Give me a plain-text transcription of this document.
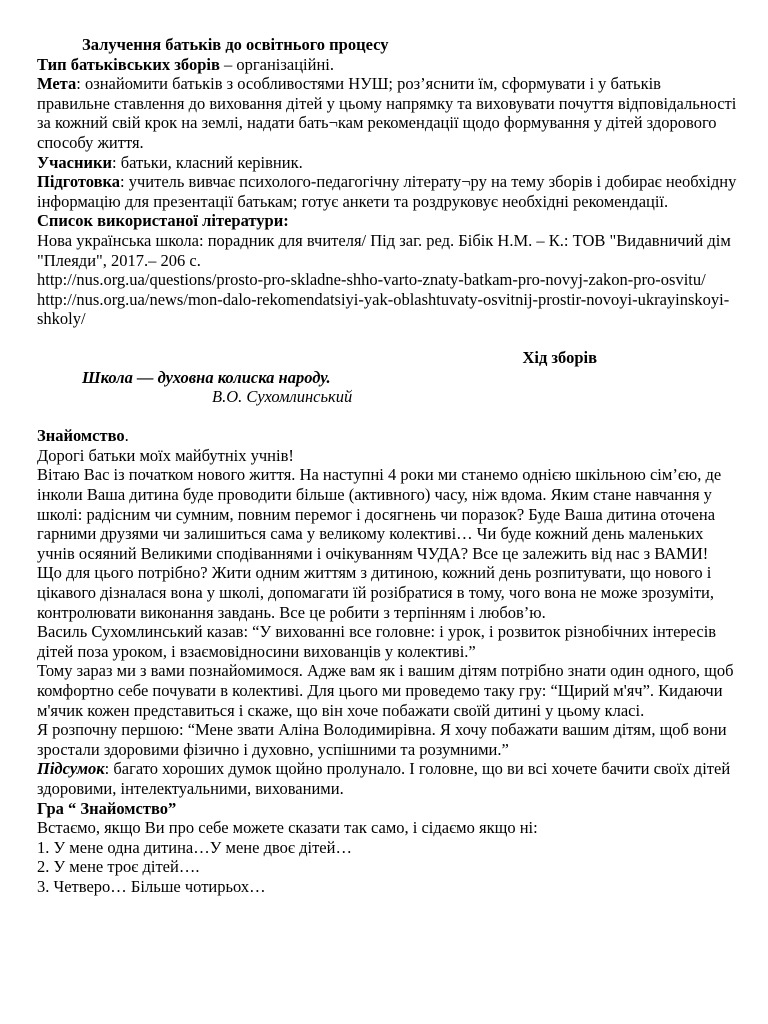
Залучення батьків до освітнього процесу

Тип батьківських зборів – організаційні.

Мета: ознайомити батьків з особливостями НУШ; роз’яснити їм, сформувати і у батьків правильне ставлення до виховання дітей у цьому напрямку та виховувати почуття відповідальності за кожний свій крок на землі, надати бать¬кам рекомендації щодо формування у дітей здорового способу життя.

Учасники: батьки, класний керівник.

Підготовка: учитель вивчає психолого-педагогічну літерату¬ру на тему зборів і добирає необхідну інформацію для презентації батькам; готує анкети та роздруковує необхідні рекомендації.

Список використаної літератури:

Нова українська школа: порадник для вчителя/ Під заг. ред. Бібік Н.М. – К.: ТОВ "Видавничий дім "Плеяди", 2017.– 206 с.

http://nus.org.ua/questions/prosto-pro-skladne-shho-varto-znaty-batkam-pro-novyj-zakon-pro-osvitu/

http://nus.org.ua/news/mon-dalo-rekomendatsiyi-yak-oblashtuvaty-osvitnij-prostir-novoyi-ukrayinskoyi-shkoly/

Хід зборів

Школа — духовна колиска народу.

В.О. Сухомлинський

Знайомство.

Дорогі батьки моїх майбутніх учнів!

Вітаю Вас із початком нового життя. На наступні 4 роки ми станемо однією шкільною сім’єю, де інколи Ваша дитина буде проводити більше (активного) часу, ніж вдома. Яким стане навчання у школі: радісним чи сумним, повним перемог і досягнень чи поразок? Буде Ваша дитина оточена гарними друзями чи залишиться сама у великому колективі… Чи буде кожний день маленьких учнів осяяний Великими сподіваннями і очікуванням ЧУДА? Все це залежить від нас з ВАМИ!

Що для цього потрібно? Жити одним життям з дитиною, кожний день розпитувати, що нового і цікавого дізналася вона у школі, допомагати їй розібратися в тому, чого вона не може зрозуміти, контролювати виконання завдань. Все це робити з терпінням і любов’ю.

Василь Сухомлинський казав: “У вихованні все головне: і урок, і розвиток різнобічних інтересів дітей поза уроком, і взаємовідносини вихованців у колективі.”

Тому зараз ми з вами познайомимося. Адже вам як і вашим дітям потрібно знати один одного, щоб комфортно себе почувати в колективі. Для цього ми проведемо таку гру: “Щирий м'яч”. Кидаючи м'ячик кожен представиться і скаже, що він хоче побажати своїй дитині у цьому класі.

Я розпочну першою: “Мене звати Аліна Володимирівна. Я хочу побажати вашим дітям, щоб вони зростали здоровими фізично і духовно, успішними та розумними.”

Підсумок: багато хороших думок щойно пролунало. І головне, що ви всі хочете бачити своїх дітей здоровими, інтелектуальними, вихованими.

Гра “ Знайомство”

Встаємо, якщо Ви про себе можете сказати так само, і сідаємо якщо ні:

1. У мене одна дитина…У мене двоє дітей…

2. У мене троє дітей….

3. Четверо… Більше чотирьох…
